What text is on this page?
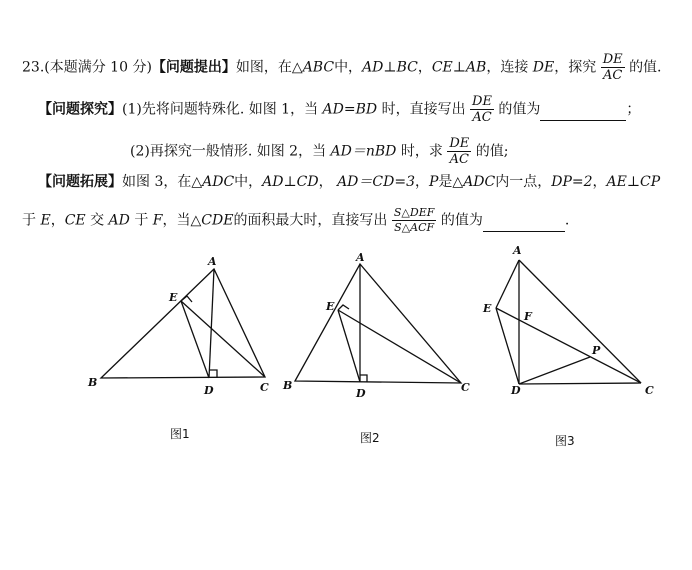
23.(本题满分 10 分)【问题提出】如图，在△ABC中，AD⊥BC，CE⊥AB，连接 DE，探究 $\frac{DE}{AC}$ 的值.
【问题探究】(1)先将问题特殊化. 如图 1，当 AD=BD 时，直接写出 $\frac{DE}{AC}$ 的值为	；
(2)再探究一般情形. 如图 2，当 AD＝nBD 时，求 $\frac{DE}{AC}$ 的值;
【问题拓展】如图 3，在△ADC中，AD⊥CD， AD＝CD=3，P是△ADC内一点，DP=2，AE⊥CP
于 E，CE 交 AD 于 F，当△CDE的面积最大时，直接写出 $\frac{\text{S△DEF}}{\text{S△ACF}}$ 的值为	.
A
B	C
D
E
A
B	C
D
E
A
C
D
E
F
P
图1	图2	图3
